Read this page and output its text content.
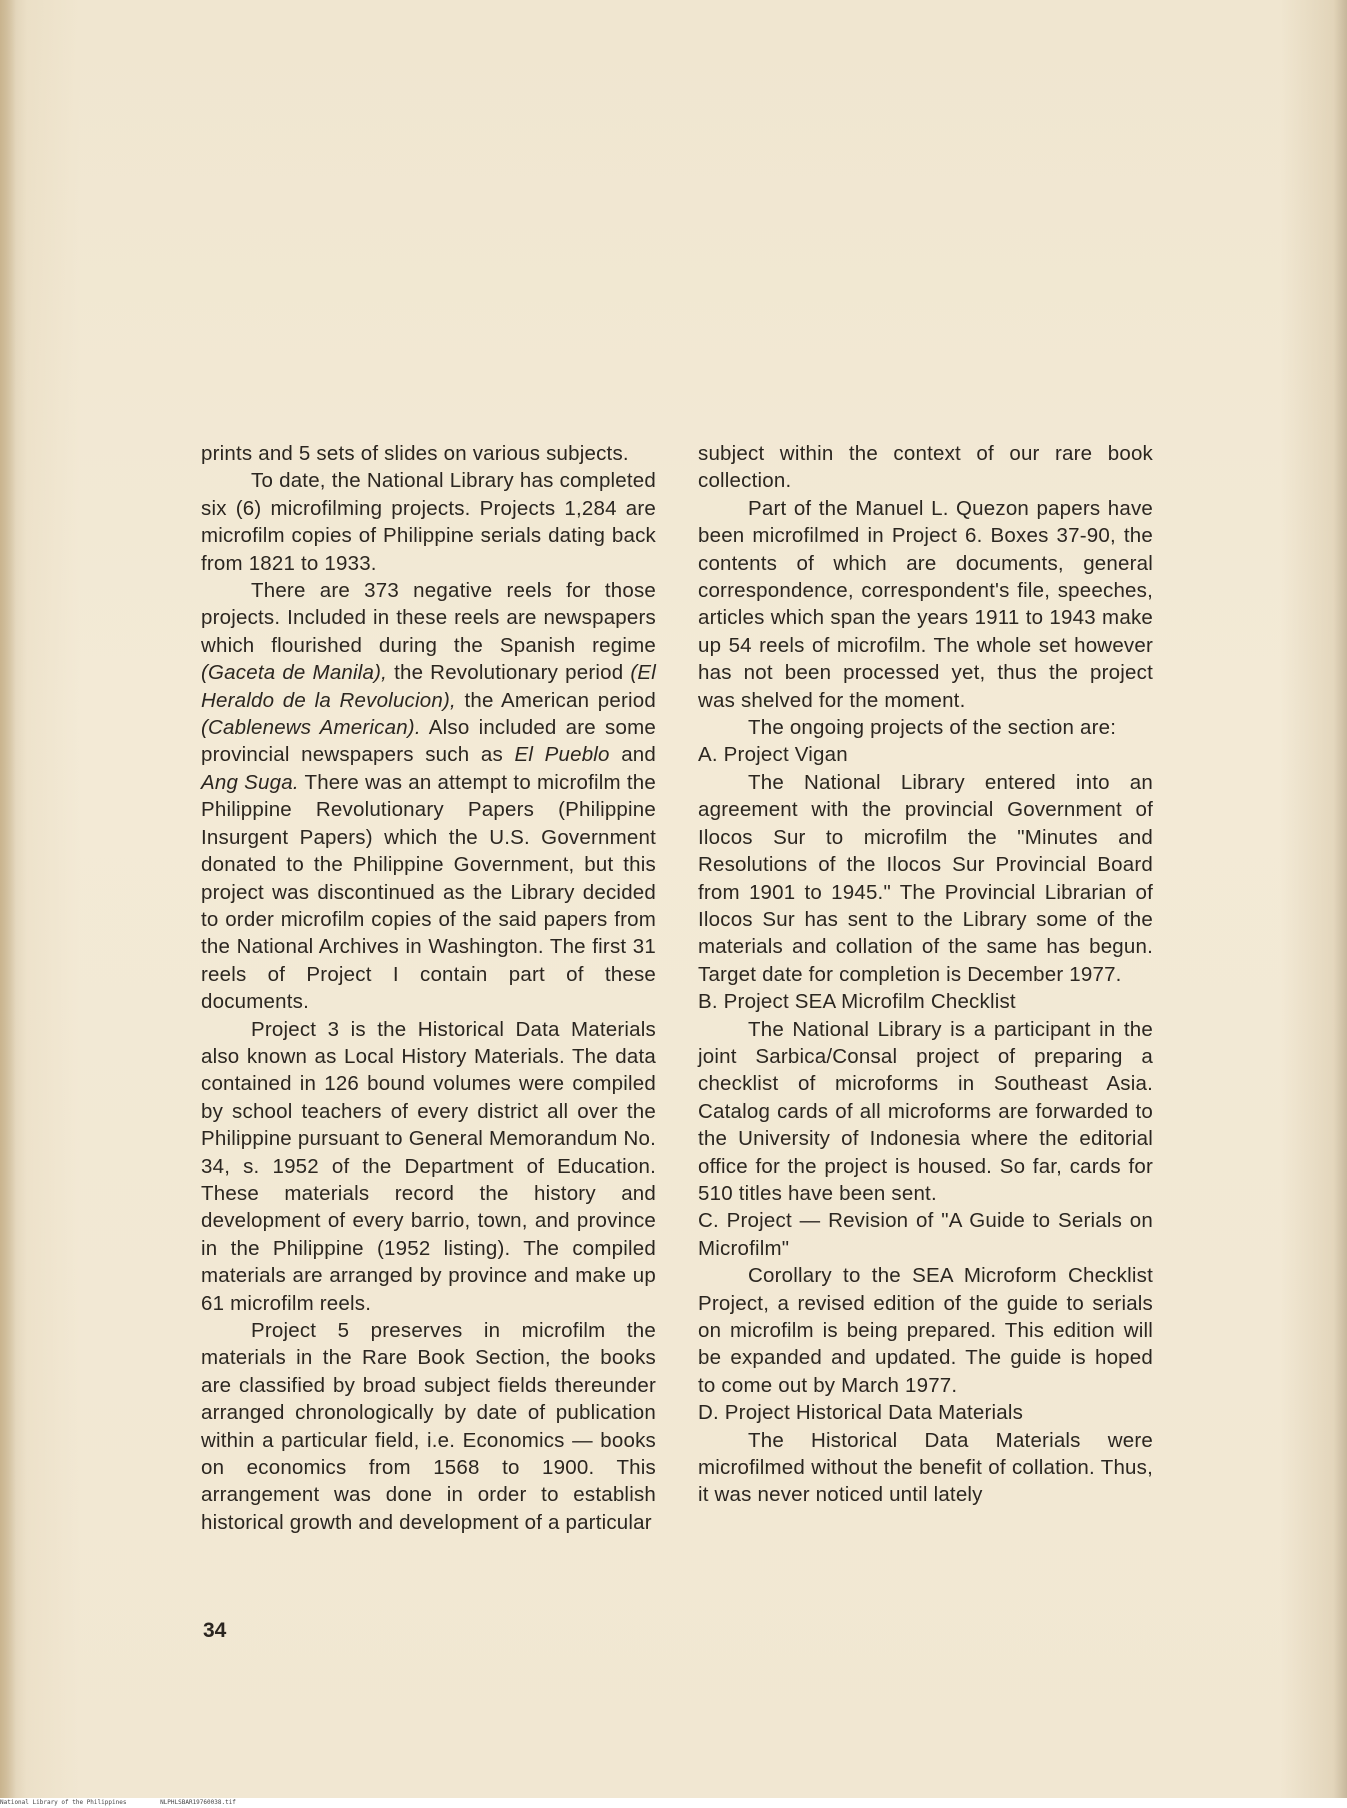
prints and 5 sets of slides on various subjects.

To date, the National Library has completed six (6) microfilming projects. Projects 1,284 are microfilm copies of Philippine serials dating back from 1821 to 1933.

There are 373 negative reels for those projects. Included in these reels are newspapers which flourished during the Spanish regime (Gaceta de Manila), the Revolutionary period (El Heraldo de la Revolucion), the American period (Cablenews American). Also included are some provincial newspapers such as El Pueblo and Ang Suga. There was an attempt to microfilm the Philippine Revolutionary Papers (Philippine Insurgent Papers) which the U.S. Government donated to the Philippine Government, but this project was discontinued as the Library decided to order microfilm copies of the said papers from the National Archives in Washington. The first 31 reels of Project I contain part of these documents.

Project 3 is the Historical Data Materials also known as Local History Materials. The data contained in 126 bound volumes were compiled by school teachers of every district all over the Philippine pursuant to General Memorandum No. 34, s. 1952 of the Department of Education. These materials record the history and development of every barrio, town, and province in the Philippine (1952 listing). The compiled materials are arranged by province and make up 61 microfilm reels.

Project 5 preserves in microfilm the materials in the Rare Book Section, the books are classified by broad subject fields thereunder arranged chronologically by date of publication within a particular field, i.e. Economics — books on economics from 1568 to 1900. This arrangement was done in order to establish historical growth and development of a particular

subject within the context of our rare book collection.

Part of the Manuel L. Quezon papers have been microfilmed in Project 6. Boxes 37-90, the contents of which are documents, general correspondence, correspondent's file, speeches, articles which span the years 1911 to 1943 make up 54 reels of microfilm. The whole set however has not been processed yet, thus the project was shelved for the moment.

The ongoing projects of the section are:

A. Project Vigan

The National Library entered into an agreement with the provincial Government of Ilocos Sur to microfilm the "Minutes and Resolutions of the Ilocos Sur Provincial Board from 1901 to 1945." The Provincial Librarian of Ilocos Sur has sent to the Library some of the materials and collation of the same has begun. Target date for completion is December 1977.

B. Project SEA Microfilm Checklist

The National Library is a participant in the joint Sarbica/Consal project of preparing a checklist of microforms in Southeast Asia. Catalog cards of all microforms are forwarded to the University of Indonesia where the editorial office for the project is housed. So far, cards for 510 titles have been sent.

C. Project — Revision of "A Guide to Serials on Microfilm"

Corollary to the SEA Microform Checklist Project, a revised edition of the guide to serials on microfilm is being prepared. This edition will be expanded and updated. The guide is hoped to come out by March 1977.

D. Project Historical Data Materials

The Historical Data Materials were microfilmed without the benefit of collation. Thus, it was never noticed until lately

34
National Library of the Philippines	NLPHLSBAR19760038.tif
